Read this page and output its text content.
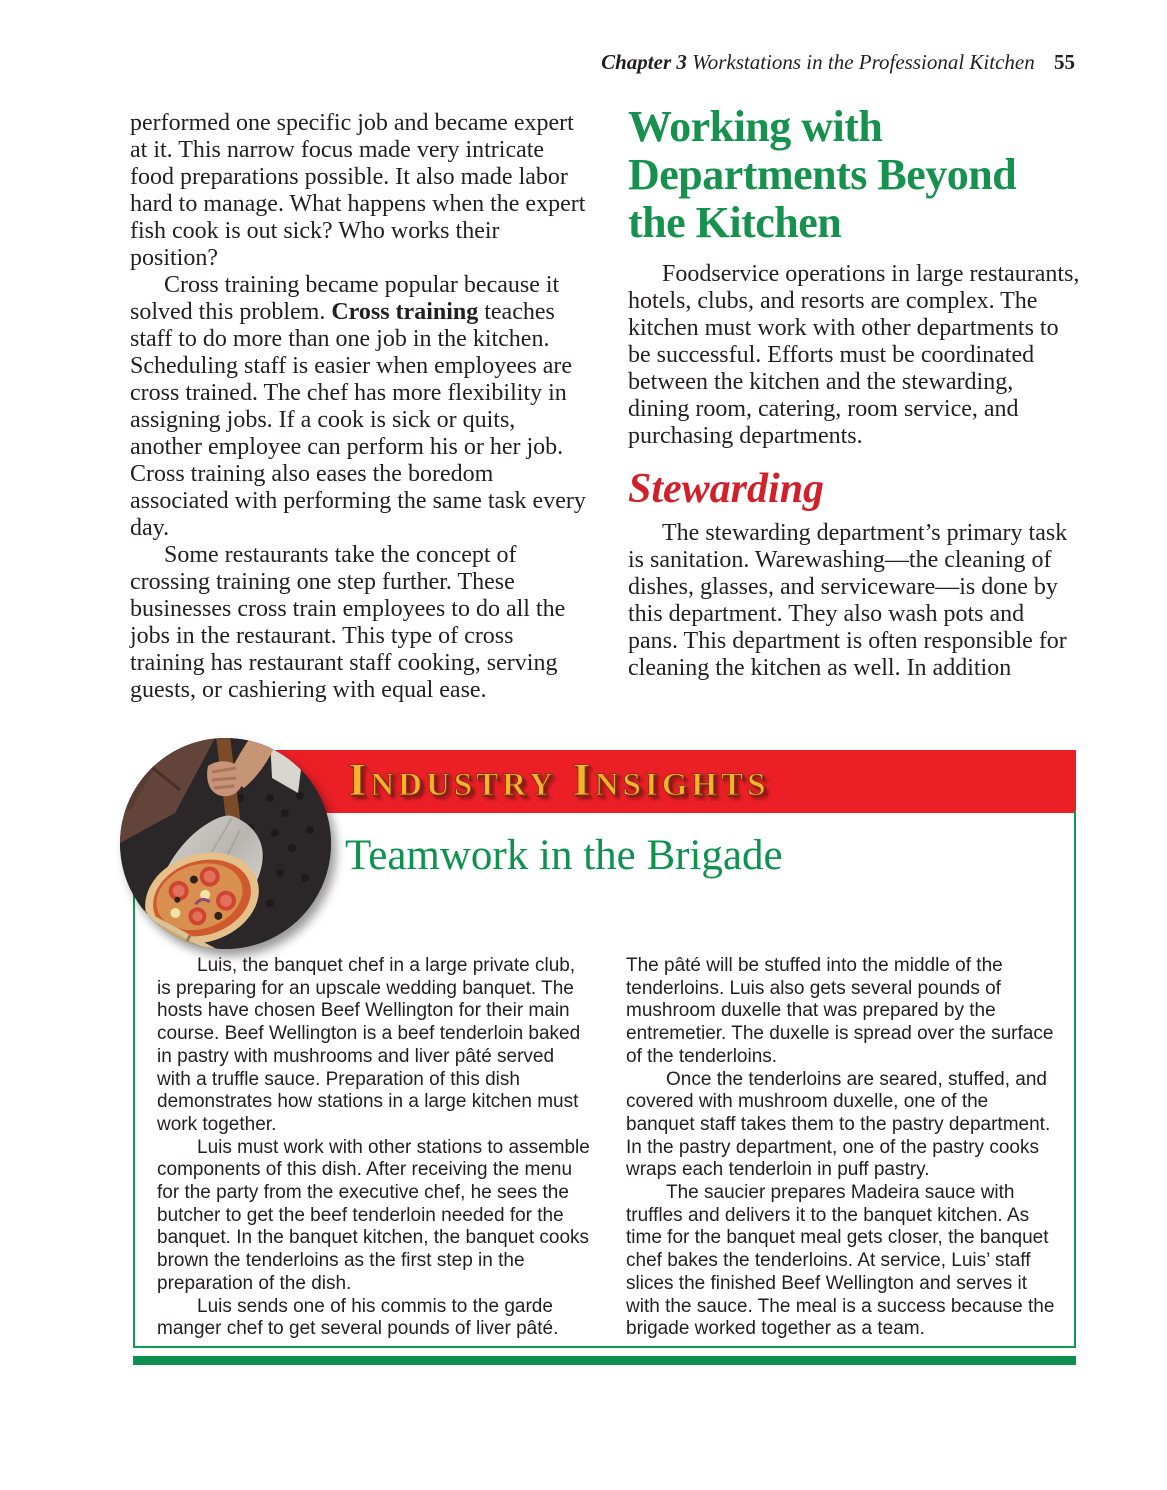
Chapter 3 Workstations in the Professional Kitchen 55

performed one specific job and became expert at it. This narrow focus made very intricate food preparations possible. It also made labor hard to manage. What happens when the expert fish cook is out sick? Who works their position?

Cross training became popular because it solved this problem. Cross training teaches staff to do more than one job in the kitchen. Scheduling staff is easier when employees are cross trained. The chef has more flexibility in assigning jobs. If a cook is sick or quits, another employee can perform his or her job. Cross training also eases the boredom associated with performing the same task every day.

Some restaurants take the concept of crossing training one step further. These businesses cross train employees to do all the jobs in the restaurant. This type of cross training has restaurant staff cooking, serving guests, or cashiering with equal ease.

Working with Departments Beyond the Kitchen

Foodservice operations in large restaurants, hotels, clubs, and resorts are complex. The kitchen must work with other departments to be successful. Efforts must be coordinated between the kitchen and the stewarding, dining room, catering, room service, and purchasing departments.

Stewarding

The stewarding department’s primary task is sanitation. Warewashing—the cleaning of dishes, glasses, and serviceware—is done by this department. They also wash pots and pans. This department is often responsible for cleaning the kitchen as well. In addition

Industry Insights
Teamwork in the Brigade

Luis, the banquet chef in a large private club, is preparing for an upscale wedding banquet. The hosts have chosen Beef Wellington for their main course. Beef Wellington is a beef tenderloin baked in pastry with mushrooms and liver pâté served with a truffle sauce. Preparation of this dish demonstrates how stations in a large kitchen must work together.

Luis must work with other stations to assemble components of this dish. After receiving the menu for the party from the executive chef, he sees the butcher to get the beef tenderloin needed for the banquet. In the banquet kitchen, the banquet cooks brown the tenderloins as the first step in the preparation of the dish.

Luis sends one of his commis to the garde manger chef to get several pounds of liver pâté.

The pâté will be stuffed into the middle of the tenderloins. Luis also gets several pounds of mushroom duxelle that was prepared by the entremetier. The duxelle is spread over the surface of the tenderloins.

Once the tenderloins are seared, stuffed, and covered with mushroom duxelle, one of the banquet staff takes them to the pastry department. In the pastry department, one of the pastry cooks wraps each tenderloin in puff pastry.

The saucier prepares Madeira sauce with truffles and delivers it to the banquet kitchen. As time for the banquet meal gets closer, the banquet chef bakes the tenderloins. At service, Luis’ staff slices the finished Beef Wellington and serves it with the sauce. The meal is a success because the brigade worked together as a team.
